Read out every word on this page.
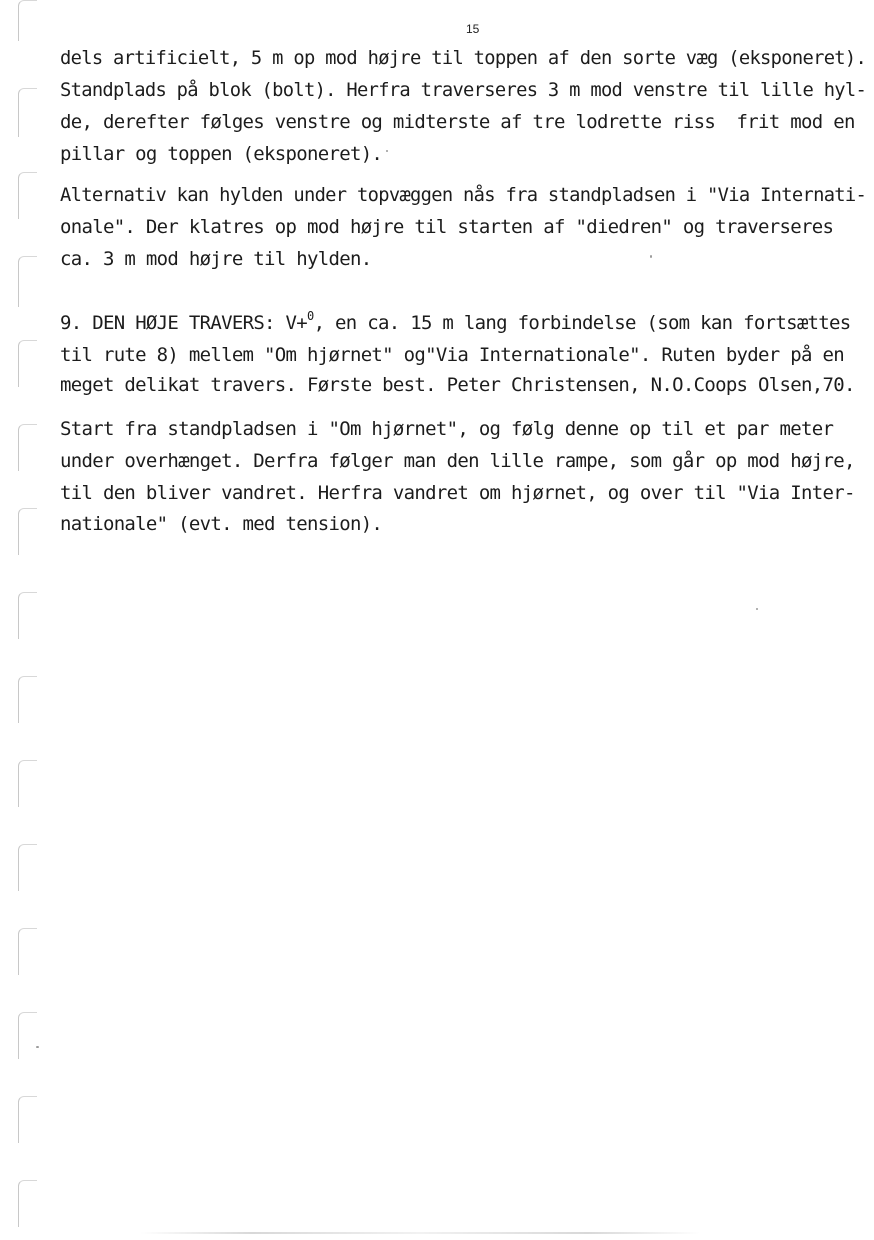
15
dels artificielt, 5 m op mod højre til toppen af den sorte væg (eksponeret).
Standplads på blok (bolt). Herfra traverseres 3 m mod venstre til lille hyl-
de, derefter følges venstre og midterste af tre lodrette riss  frit mod en
pillar og toppen (eksponeret).
Alternativ kan hylden under topvæggen nås fra standpladsen i "Via Internati-
onale". Der klatres op mod højre til starten af "diedren" og traverseres
ca. 3 m mod højre til hylden.
9. DEN HØJE TRAVERS: V+$^0$, en ca. 15 m lang forbindelse (som kan fortsættes
til rute 8) mellem "Om hjørnet" og"Via Internationale". Ruten byder på en
meget delikat travers. Første best. Peter Christensen, N.O.Coops Olsen,70.
Start fra standpladsen i "Om hjørnet", og følg denne op til et par meter
under overhænget. Derfra følger man den lille rampe, som går op mod højre,
til den bliver vandret. Herfra vandret om hjørnet, og over til "Via Inter-
nationale" (evt. med tension).
